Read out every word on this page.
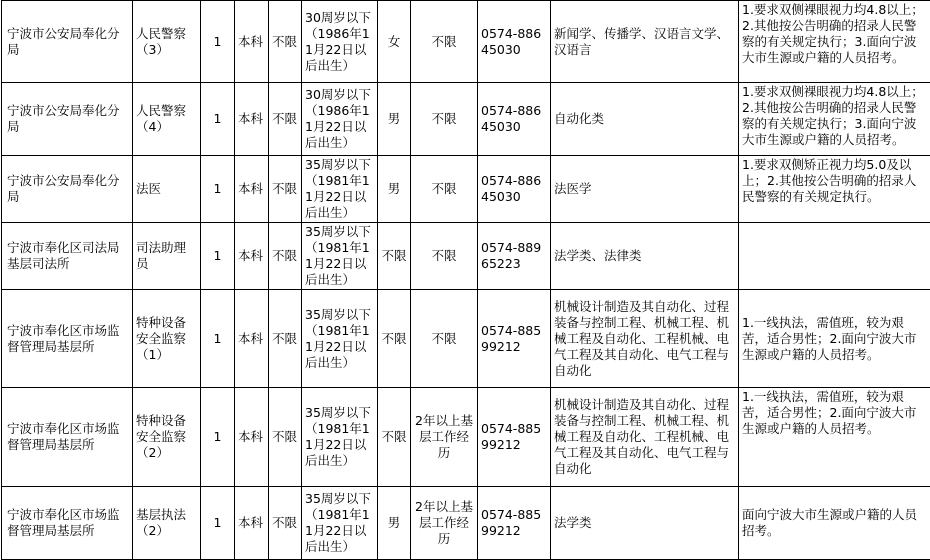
宁波市公安局奉化分局	人民警察（3）	1	本科	不限	30周岁以下（1986年11月22日以后出生）	女	不限	0574-88645030	新闻学、传播学、汉语言文学、汉语言	1.要求双侧裸眼视力均4.8以上；2.其他按公告明确的招录人民警察的有关规定执行；3.面向宁波大市生源或户籍的人员招考。
宁波市公安局奉化分局	人民警察（4）	1	本科	不限	30周岁以下（1986年11月22日以后出生）	男	不限	0574-88645030	自动化类	1.要求双侧裸眼视力均4.8以上；2.其他按公告明确的招录人民警察的有关规定执行；3.面向宁波大市生源或户籍的人员招考。
宁波市公安局奉化分局	法医	1	本科	不限	35周岁以下（1981年11月22日以后出生）	男	不限	0574-88645030	法医学	1.要求双侧矫正视力均5.0及以上；2.其他按公告明确的招录人民警察的有关规定执行。
宁波市奉化区司法局基层司法所	司法助理员	1	本科	不限	35周岁以下（1981年11月22日以后出生）	不限	不限	0574-88965223	法学类、法律类	
宁波市奉化区市场监督管理局基层所	特种设备安全监察（1）	1	本科	不限	35周岁以下（1981年11月22日以后出生）	不限	不限	0574-88599212	机械设计制造及其自动化、过程装备与控制工程、机械工程、机械工程及自动化、工程机械、电气工程及其自动化、电气工程与自动化	1.一线执法，需值班，较为艰苦，适合男性；2.面向宁波大市生源或户籍的人员招考。
宁波市奉化区市场监督管理局基层所	特种设备安全监察（2）	1	本科	不限	35周岁以下（1981年11月22日以后出生）	不限	2年以上基层工作经历	0574-88599212	机械设计制造及其自动化、过程装备与控制工程、机械工程、机械工程及自动化、工程机械、电气工程及其自动化、电气工程与自动化	1.一线执法，需值班，较为艰苦，适合男性；2.面向宁波大市生源或户籍的人员招考。
宁波市奉化区市场监督管理局基层所	基层执法（2）	1	本科	不限	35周岁以下（1981年11月22日以后出生）	男	2年以上基层工作经历	0574-88599212	法学类	面向宁波大市生源或户籍的人员招考。
